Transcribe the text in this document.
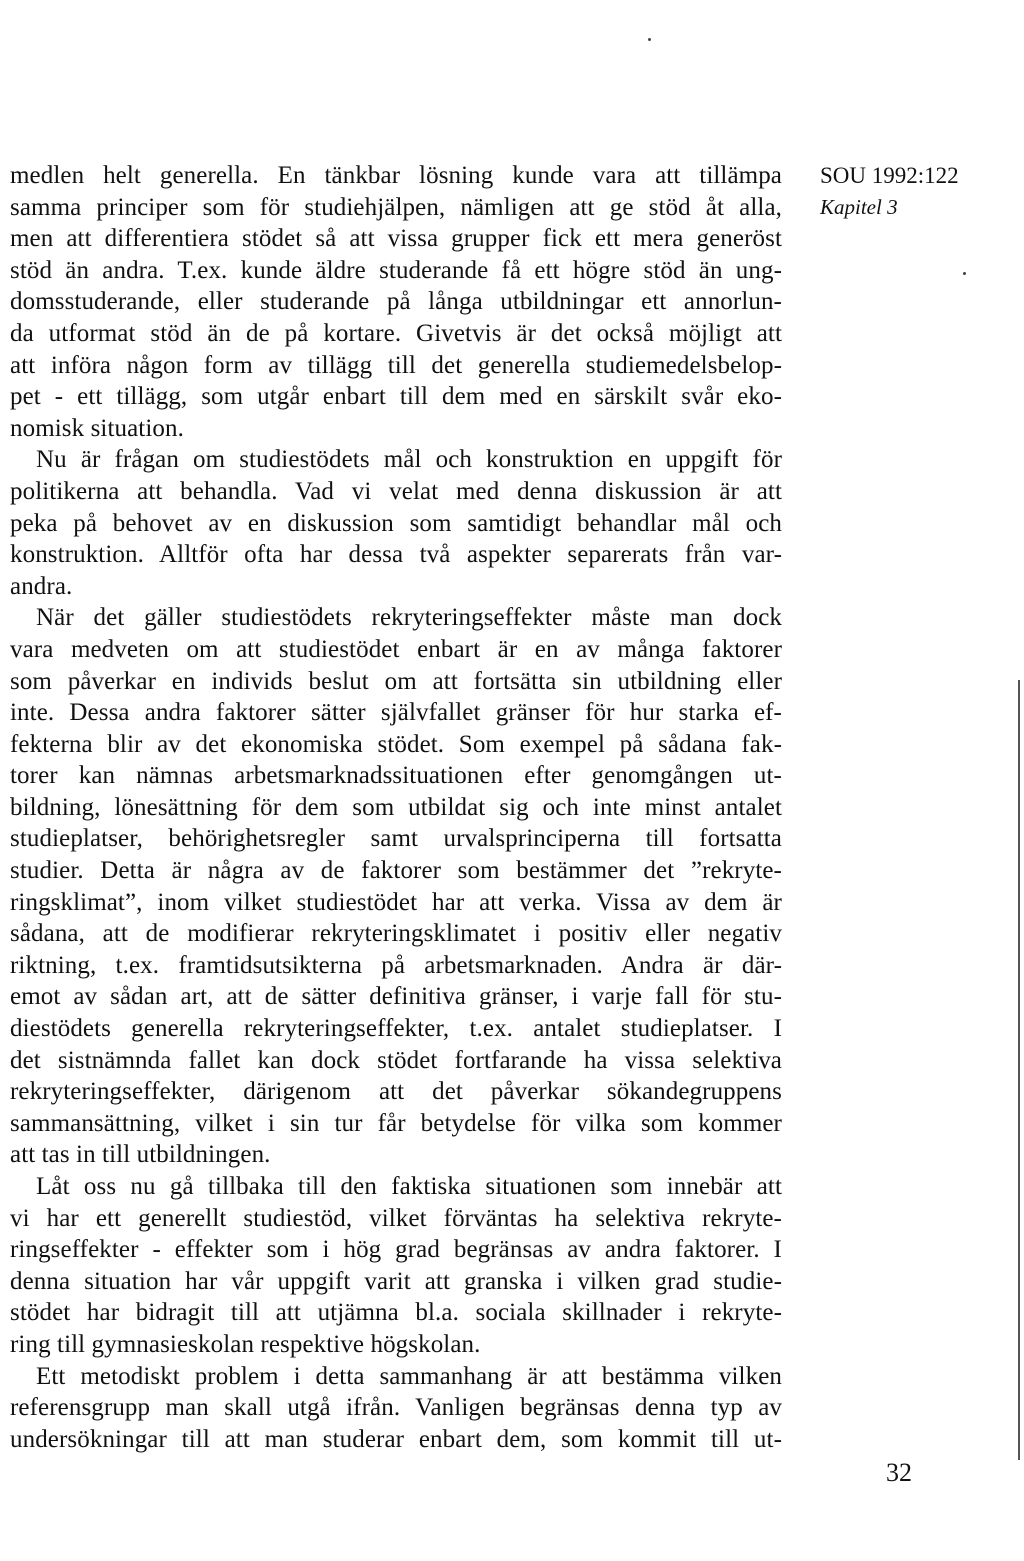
medlen helt generella. En tänkbar lösning kunde vara att tillämpa
samma principer som för studiehjälpen, nämligen att ge stöd åt alla,
men att differentiera stödet så att vissa grupper fick ett mera generöst
stöd än andra. T.ex. kunde äldre studerande få ett högre stöd än ung-
domsstuderande, eller studerande på långa utbildningar ett annorlun-
da utformat stöd än de på kortare. Givetvis är det också möjligt att
att införa någon form av tillägg till det generella studiemedelsbelop-
pet - ett tillägg, som utgår enbart till dem med en särskilt svår eko-
nomisk situation.
Nu är frågan om studiestödets mål och konstruktion en uppgift för
politikerna att behandla. Vad vi velat med denna diskussion är att
peka på behovet av en diskussion som samtidigt behandlar mål och
konstruktion. Alltför ofta har dessa två aspekter separerats från var-
andra.
När det gäller studiestödets rekryteringseffekter måste man dock
vara medveten om att studiestödet enbart är en av många faktorer
som påverkar en individs beslut om att fortsätta sin utbildning eller
inte. Dessa andra faktorer sätter självfallet gränser för hur starka ef-
fekterna blir av det ekonomiska stödet. Som exempel på sådana fak-
torer kan nämnas arbetsmarknadssituationen efter genomgången ut-
bildning, lönesättning för dem som utbildat sig och inte minst antalet
studieplatser, behörighetsregler samt urvalsprinciperna till fortsatta
studier. Detta är några av de faktorer som bestämmer det ”rekryte-
ringsklimat”, inom vilket studiestödet har att verka. Vissa av dem är
sådana, att de modifierar rekryteringsklimatet i positiv eller negativ
riktning, t.ex. framtidsutsikterna på arbetsmarknaden. Andra är där-
emot av sådan art, att de sätter definitiva gränser, i varje fall för stu-
diestödets generella rekryteringseffekter, t.ex. antalet studieplatser. I
det sistnämnda fallet kan dock stödet fortfarande ha vissa selektiva
rekryteringseffekter, därigenom att det påverkar sökandegruppens
sammansättning, vilket i sin tur får betydelse för vilka som kommer
att tas in till utbildningen.
Låt oss nu gå tillbaka till den faktiska situationen som innebär att
vi har ett generellt studiestöd, vilket förväntas ha selektiva rekryte-
ringseffekter - effekter som i hög grad begränsas av andra faktorer. I
denna situation har vår uppgift varit att granska i vilken grad studie-
stödet har bidragit till att utjämna bl.a. sociala skillnader i rekryte-
ring till gymnasieskolan respektive högskolan.
Ett metodiskt problem i detta sammanhang är att bestämma vilken
referensgrupp man skall utgå ifrån. Vanligen begränsas denna typ av
undersökningar till att man studerar enbart dem, som kommit till ut-
SOU 1992:122
Kapitel 3
32
